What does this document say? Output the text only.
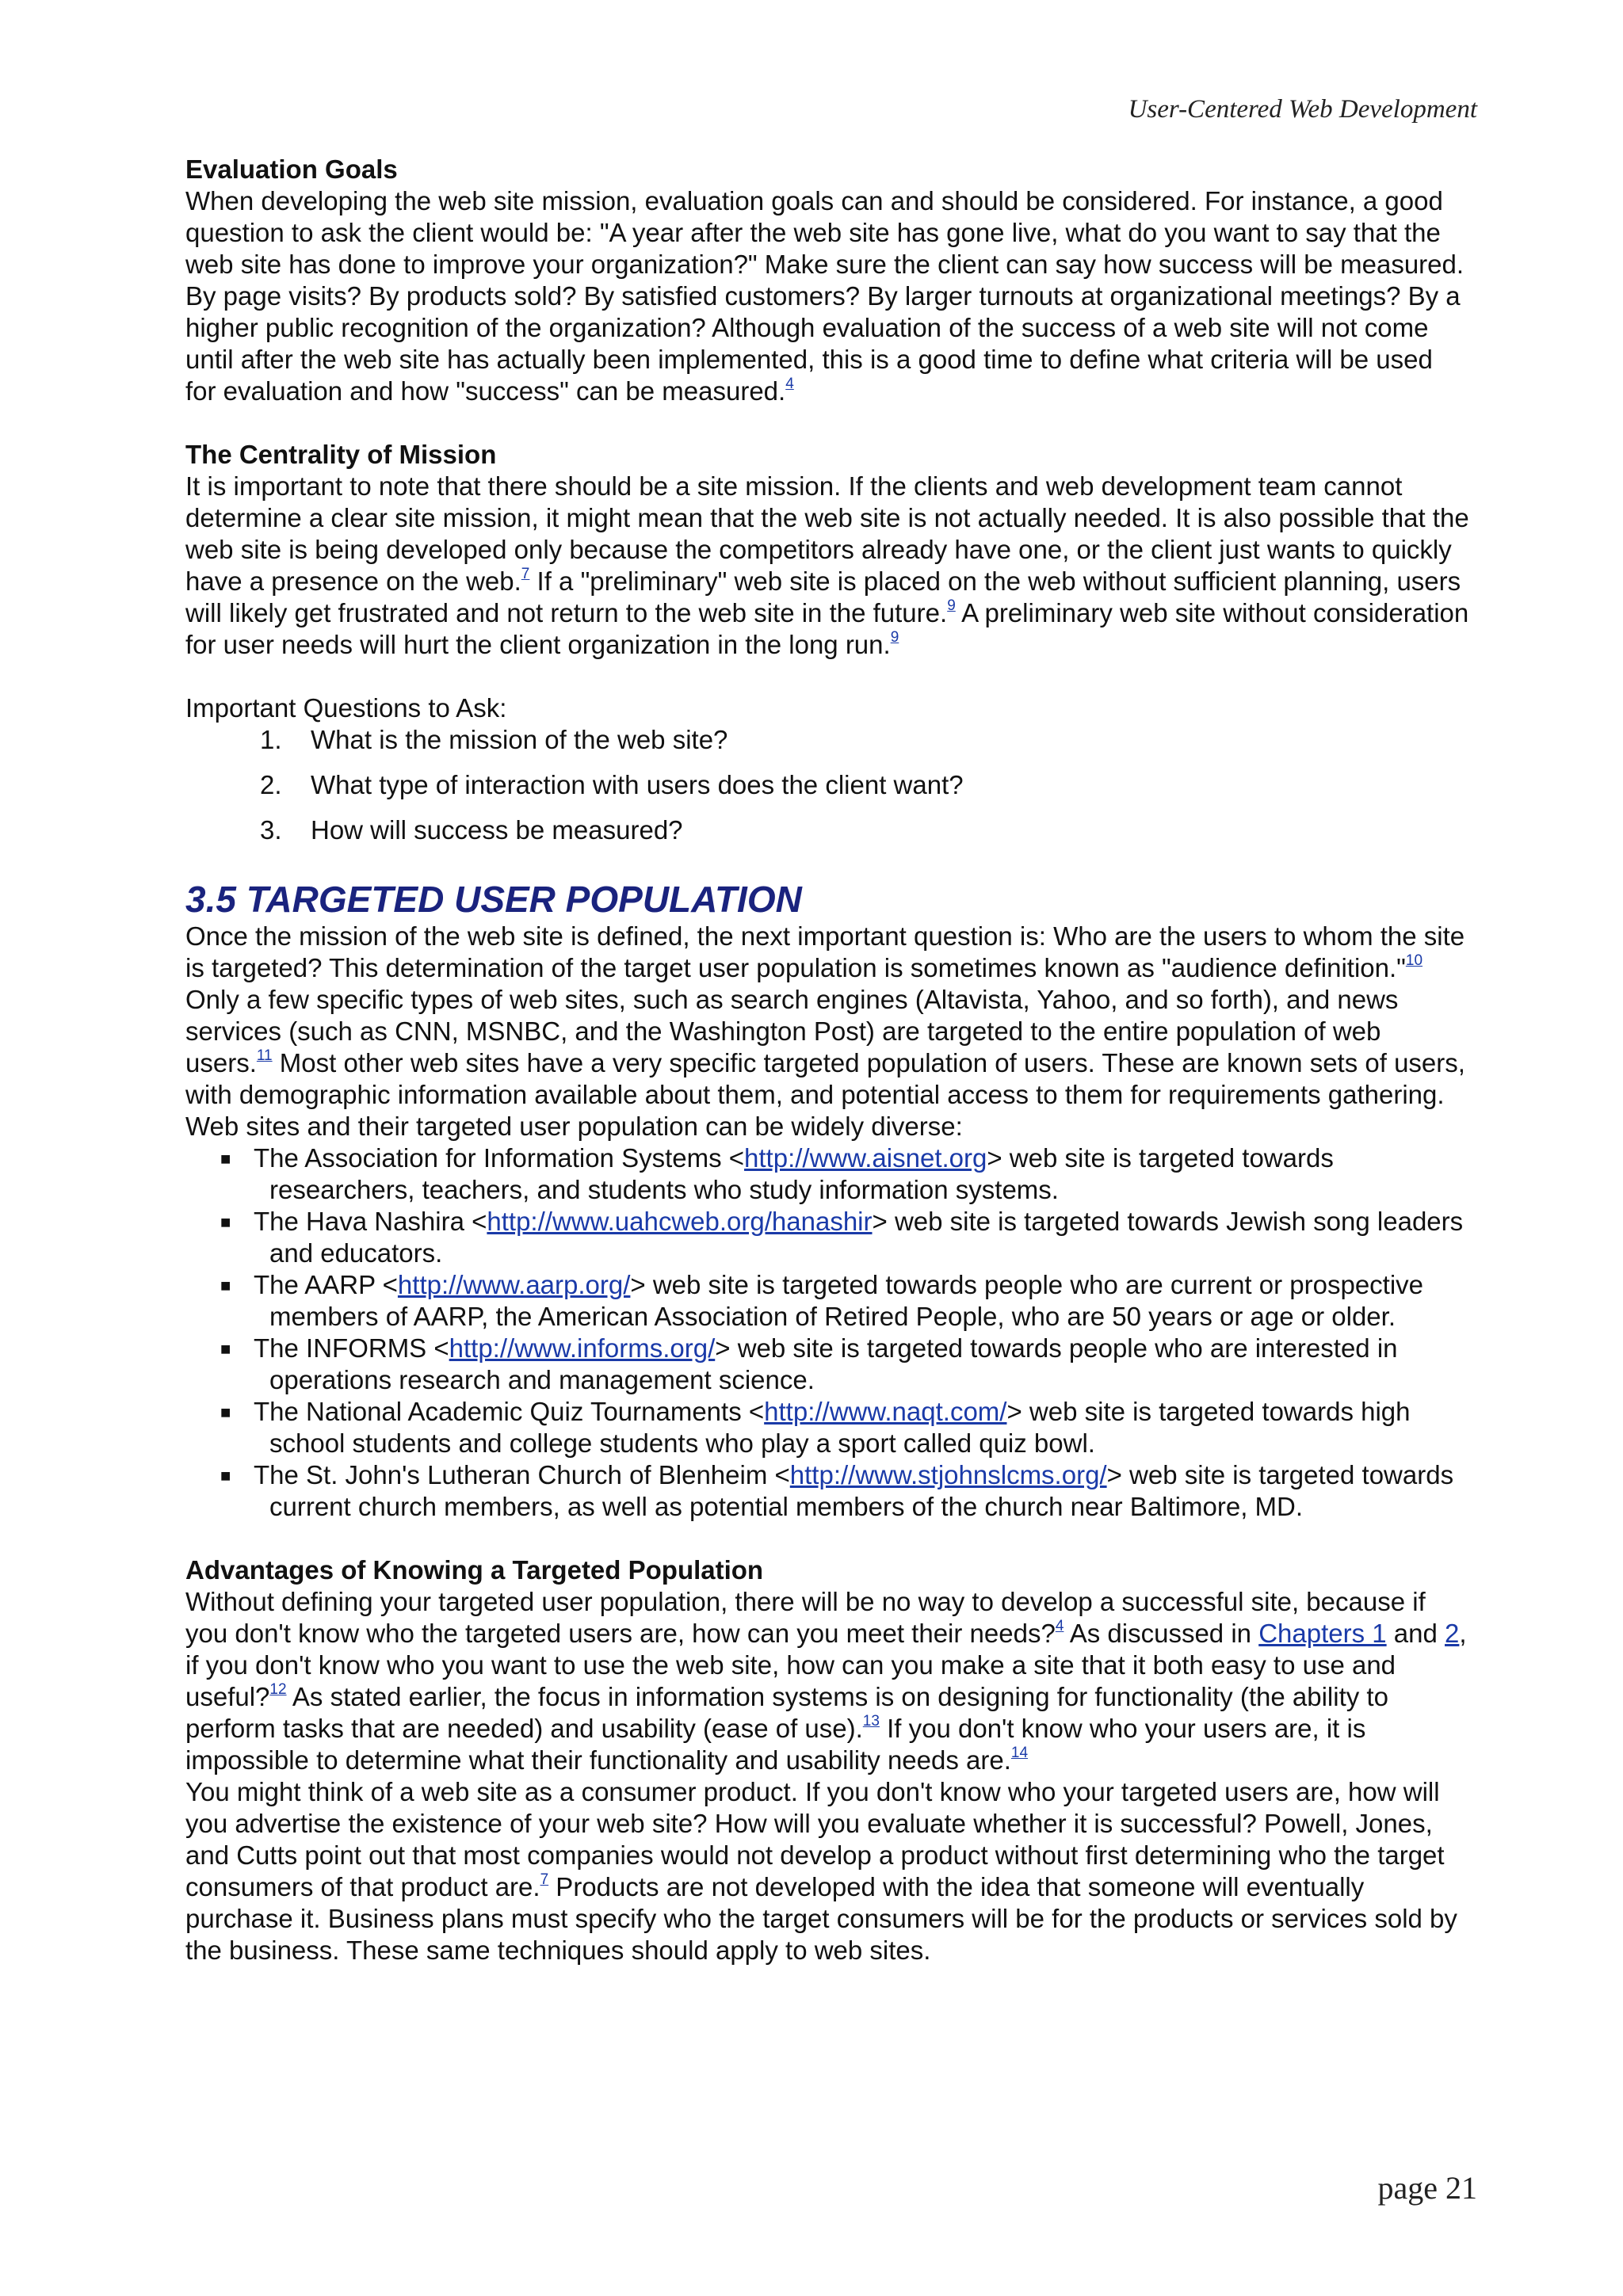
User-Centered Web Development

Evaluation Goals

When developing the web site mission, evaluation goals can and should be considered. For instance, a good question to ask the client would be: "A year after the web site has gone live, what do you want to say that the web site has done to improve your organization?" Make sure the client can say how success will be measured. By page visits? By products sold? By satisfied customers? By larger turnouts at organizational meetings? By a higher public recognition of the organization? Although evaluation of the success of a web site will not come until after the web site has actually been implemented, this is a good time to define what criteria will be used for evaluation and how "success" can be measured.$^4$

The Centrality of Mission

It is important to note that there should be a site mission. If the clients and web development team cannot determine a clear site mission, it might mean that the web site is not actually needed. It is also possible that the web site is being developed only because the competitors already have one, or the client just wants to quickly have a presence on the web.$^7$ If a "preliminary" web site is placed on the web without sufficient planning, users will likely get frustrated and not return to the web site in the future.$^9$ A preliminary web site without consideration for user needs will hurt the client organization in the long run.$^9$

Important Questions to Ask:

1. What is the mission of the web site?
2. What type of interaction with users does the client want?
3. How will success be measured?
3.5 TARGETED USER POPULATION

Once the mission of the web site is defined, the next important question is: Who are the users to whom the site is targeted? This determination of the target user population is sometimes known as "audience definition."$^{10}$ Only a few specific types of web sites, such as search engines (Altavista, Yahoo, and so forth), and news services (such as CNN, MSNBC, and the Washington Post) are targeted to the entire population of web users.$^{11}$ Most other web sites have a very specific targeted population of users. These are known sets of users, with demographic information available about them, and potential access to them for requirements gathering. Web sites and their targeted user population can be widely diverse:

■ The Association for Information Systems <http://www.aisnet.org> web site is targeted towards researchers, teachers, and students who study information systems.
■ The Hava Nashira <http://www.uahcweb.org/hanashir> web site is targeted towards Jewish song leaders and educators.
■ The AARP <http://www.aarp.org/> web site is targeted towards people who are current or prospective members of AARP, the American Association of Retired People, who are 50 years or age or older.
■ The INFORMS <http://www.informs.org/> web site is targeted towards people who are interested in operations research and management science.
■ The National Academic Quiz Tournaments <http://www.naqt.com/> web site is targeted towards high school students and college students who play a sport called quiz bowl.
■ The St. John's Lutheran Church of Blenheim <http://www.stjohnslcms.org/> web site is targeted towards current church members, as well as potential members of the church near Baltimore, MD.

Advantages of Knowing a Targeted Population

Without defining your targeted user population, there will be no way to develop a successful site, because if you don't know who the targeted users are, how can you meet their needs?$^4$ As discussed in Chapters 1 and 2, if you don't know who you want to use the web site, how can you make a site that it both easy to use and useful?$^{12}$ As stated earlier, the focus in information systems is on designing for functionality (the ability to perform tasks that are needed) and usability (ease of use).$^{13}$ If you don't know who your users are, it is impossible to determine what their functionality and usability needs are.$^{14}$

You might think of a web site as a consumer product. If you don't know who your targeted users are, how will you advertise the existence of your web site? How will you evaluate whether it is successful? Powell, Jones, and Cutts point out that most companies would not develop a product without first determining who the target consumers of that product are.$^7$ Products are not developed with the idea that someone will eventually purchase it. Business plans must specify who the target consumers will be for the products or services sold by the business. These same techniques should apply to web sites.

page 21
